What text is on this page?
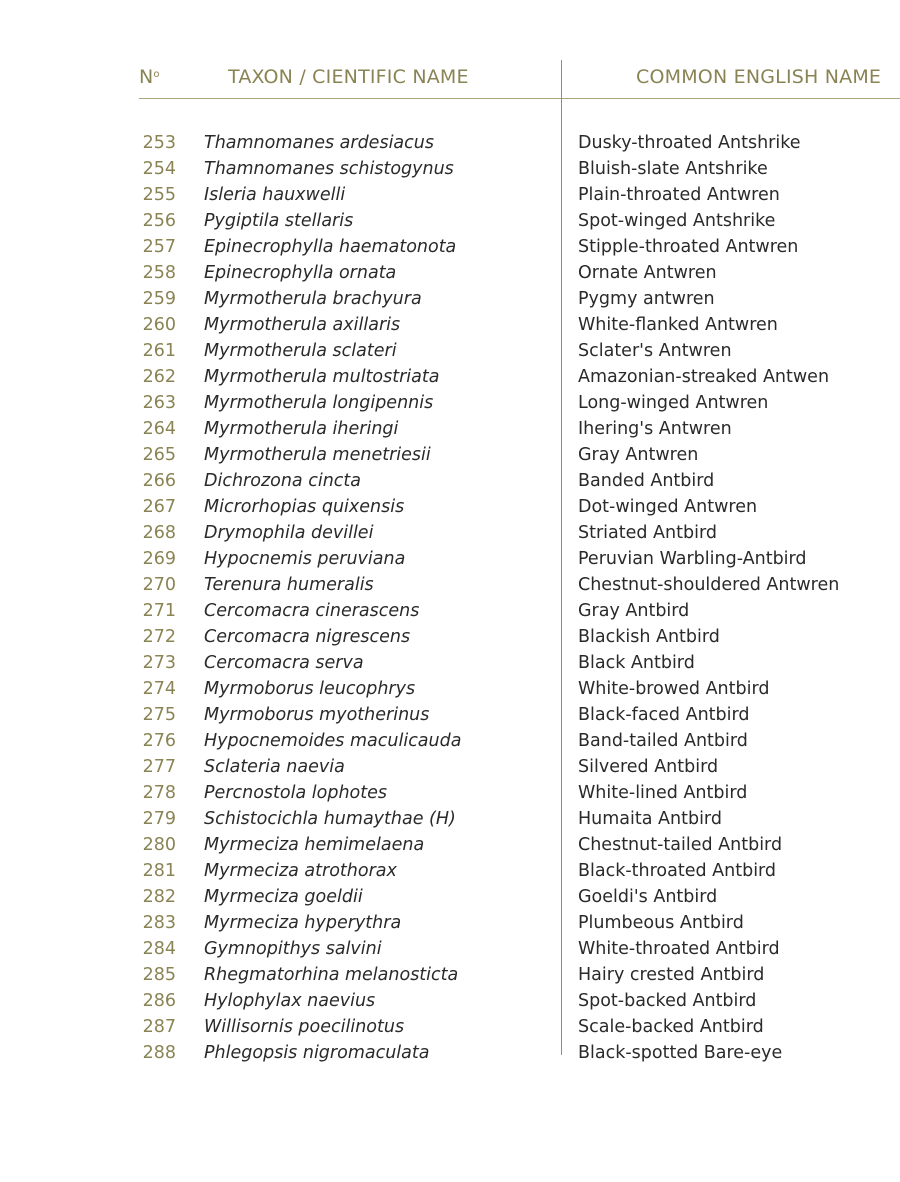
$N^o$	TAXON / CIENTIFIC NAME	COMMON ENGLISH NAME
253 Thamnomanes ardesiacus	Dusky-throated Antshrike
254 Thamnomanes schistogynus	Bluish-slate Antshrike
255 Isleria hauxwelli	Plain-throated Antwren
256 Pygiptila stellaris	Spot-winged Antshrike
257 Epinecrophylla haematonota	Stipple-throated Antwren
258 Epinecrophylla ornata	Ornate Antwren
259 Myrmotherula brachyura	Pygmy antwren
260 Myrmotherula axillaris	White-flanked Antwren
261 Myrmotherula sclateri	Sclater's Antwren
262 Myrmotherula multostriata	Amazonian-streaked Antwen
263 Myrmotherula longipennis	Long-winged Antwren
264 Myrmotherula iheringi	Ihering's Antwren
265 Myrmotherula menetriesii	Gray Antwren
266 Dichrozona cincta	Banded Antbird
267 Microrhopias quixensis	Dot-winged Antwren
268 Drymophila devillei	Striated Antbird
269 Hypocnemis peruviana	Peruvian Warbling-Antbird
270 Terenura humeralis	Chestnut-shouldered Antwren
271 Cercomacra cinerascens	Gray Antbird
272 Cercomacra nigrescens	Blackish Antbird
273 Cercomacra serva	Black Antbird
274 Myrmoborus leucophrys	White-browed Antbird
275 Myrmoborus myotherinus	Black-faced Antbird
276 Hypocnemoides maculicauda	Band-tailed Antbird
277 Sclateria naevia	Silvered Antbird
278 Percnostola lophotes	White-lined Antbird
279 Schistocichla humaythae (H)	Humaita Antbird
280 Myrmeciza hemimelaena	Chestnut-tailed Antbird
281 Myrmeciza atrothorax	Black-throated Antbird
282 Myrmeciza goeldii	Goeldi's Antbird
283 Myrmeciza hyperythra	Plumbeous Antbird
284 Gymnopithys salvini	White-throated Antbird
285 Rhegmatorhina melanosticta	Hairy crested Antbird
286 Hylophylax naevius	Spot-backed Antbird
287 Willisornis poecilinotus	Scale-backed Antbird
288 Phlegopsis nigromaculata	Black-spotted Bare-eye
